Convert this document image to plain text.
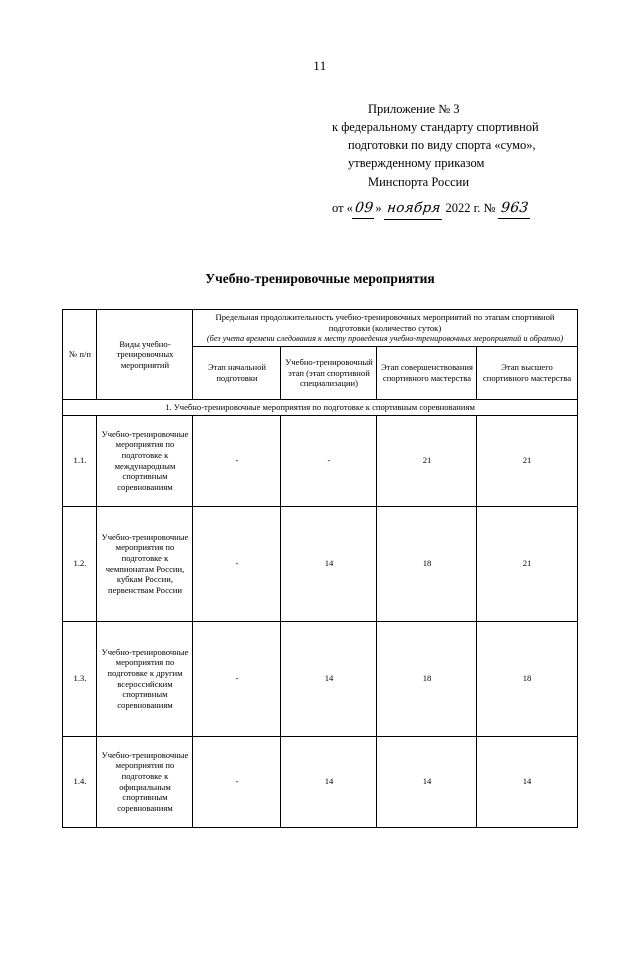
11
Приложение № 3
к федеральному стандарту спортивной
подготовки по виду спорта «сумо»,
утвержденному приказом
Минспорта России
от «09» ноября 2022 г. № 963
Учебно-тренировочные мероприятия
№ п/п	Виды учебно-тренировочных мероприятий	Предельная продолжительность учебно-тренировочных мероприятий по этапам спортивной подготовки (количество суток)
(без учета времени следования к месту проведения учебно-тренировочных мероприятий и обратно)			

		Этап начальной подготовки	Учебно-тренировочный этап (этап спортивной специализации)	Этап совершенствования спортивного мастерства	Этап высшего спортивного мастерства
1. Учебно-тренировочные мероприятия по подготовке к спортивным соревнованиям					
1.1.	Учебно-тренировочные мероприятия по подготовке к международным спортивным соревнованиям	-	-	21	21
1.2.	Учебно-тренировочные мероприятия по подготовке к чемпионатам России, кубкам России, первенствам России	-	14	18	21
1.3.	Учебно-тренировочные мероприятия по подготовке к другим всероссийским спортивным соревнованиям	-	14	18	18
1.4.	Учебно-тренировочные мероприятия по подготовке к официальным спортивным соревнованиям	-	14	14	14
